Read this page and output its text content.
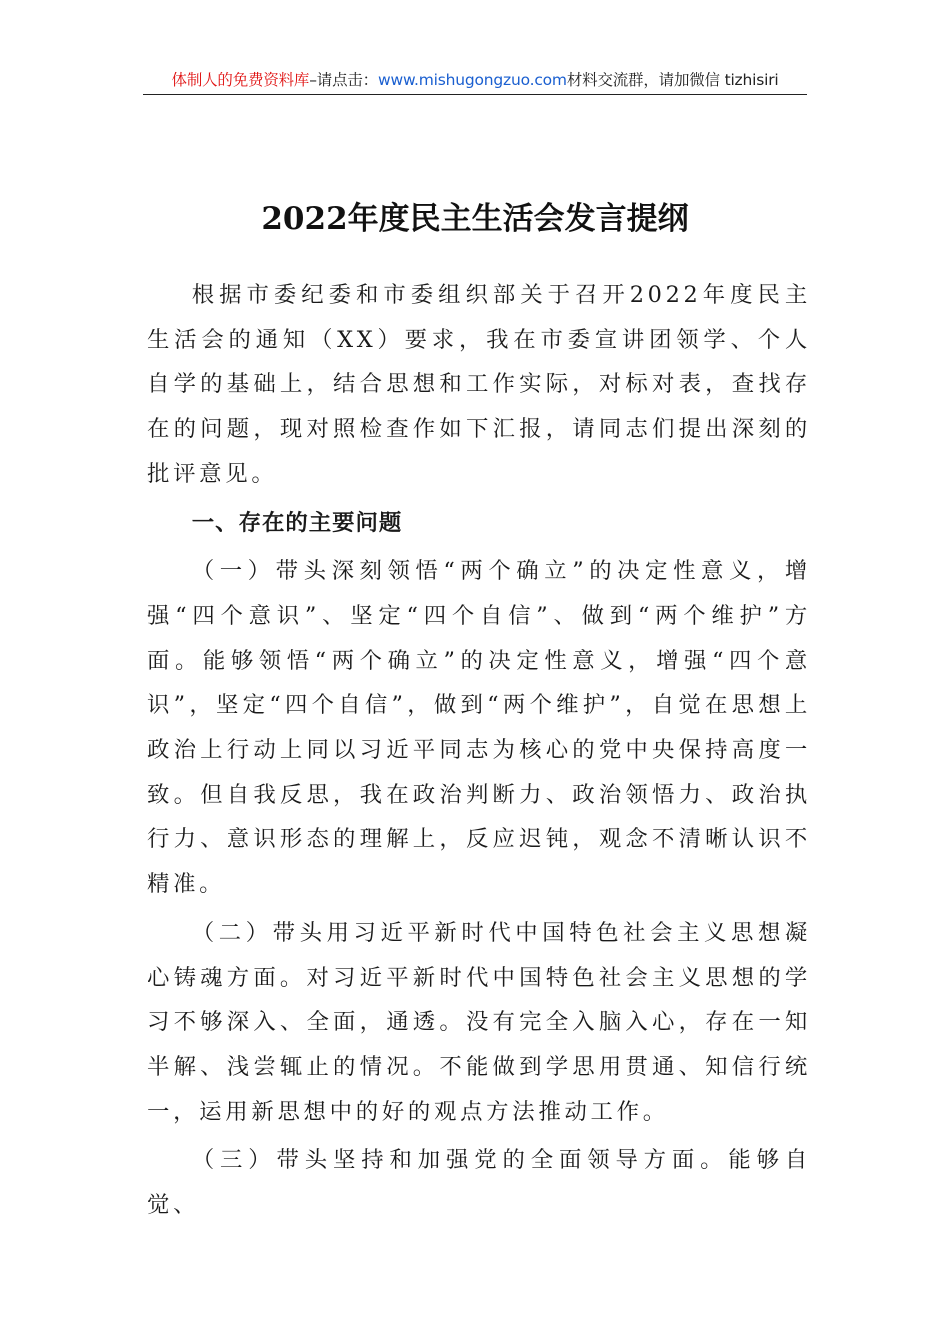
体制人的免费资料库–请点击：www.mishugongzuo.com材料交流群，请加微信 tizhisiri
2022年度民主生活会发言提纲

根据市委纪委和市委组织部关于召开2022年度民主生活会的通知（XX）要求，我在市委宣讲团领学、个人自学的基础上，结合思想和工作实际，对标对表，查找存在的问题，现对照检查作如下汇报，请同志们提出深刻的批评意见。

一、存在的主要问题

（一）带头深刻领悟“两个确立”的决定性意义，增强“四个意识”、坚定“四个自信”、做到“两个维护”方面。能够领悟“两个确立”的决定性意义，增强“四个意识”，坚定“四个自信”，做到“两个维护”，自觉在思想上政治上行动上同以习近平同志为核心的党中央保持高度一致。但自我反思，我在政治判断力、政治领悟力、政治执行力、意识形态的理解上，反应迟钝，观念不清晰认识不精准。

（二）带头用习近平新时代中国特色社会主义思想凝心铸魂方面。对习近平新时代中国特色社会主义思想的学习不够深入、全面，通透。没有完全入脑入心，存在一知半解、浅尝辄止的情况。不能做到学思用贯通、知信行统一，运用新思想中的好的观点方法推动工作。

（三）带头坚持和加强党的全面领导方面。能够自觉、
